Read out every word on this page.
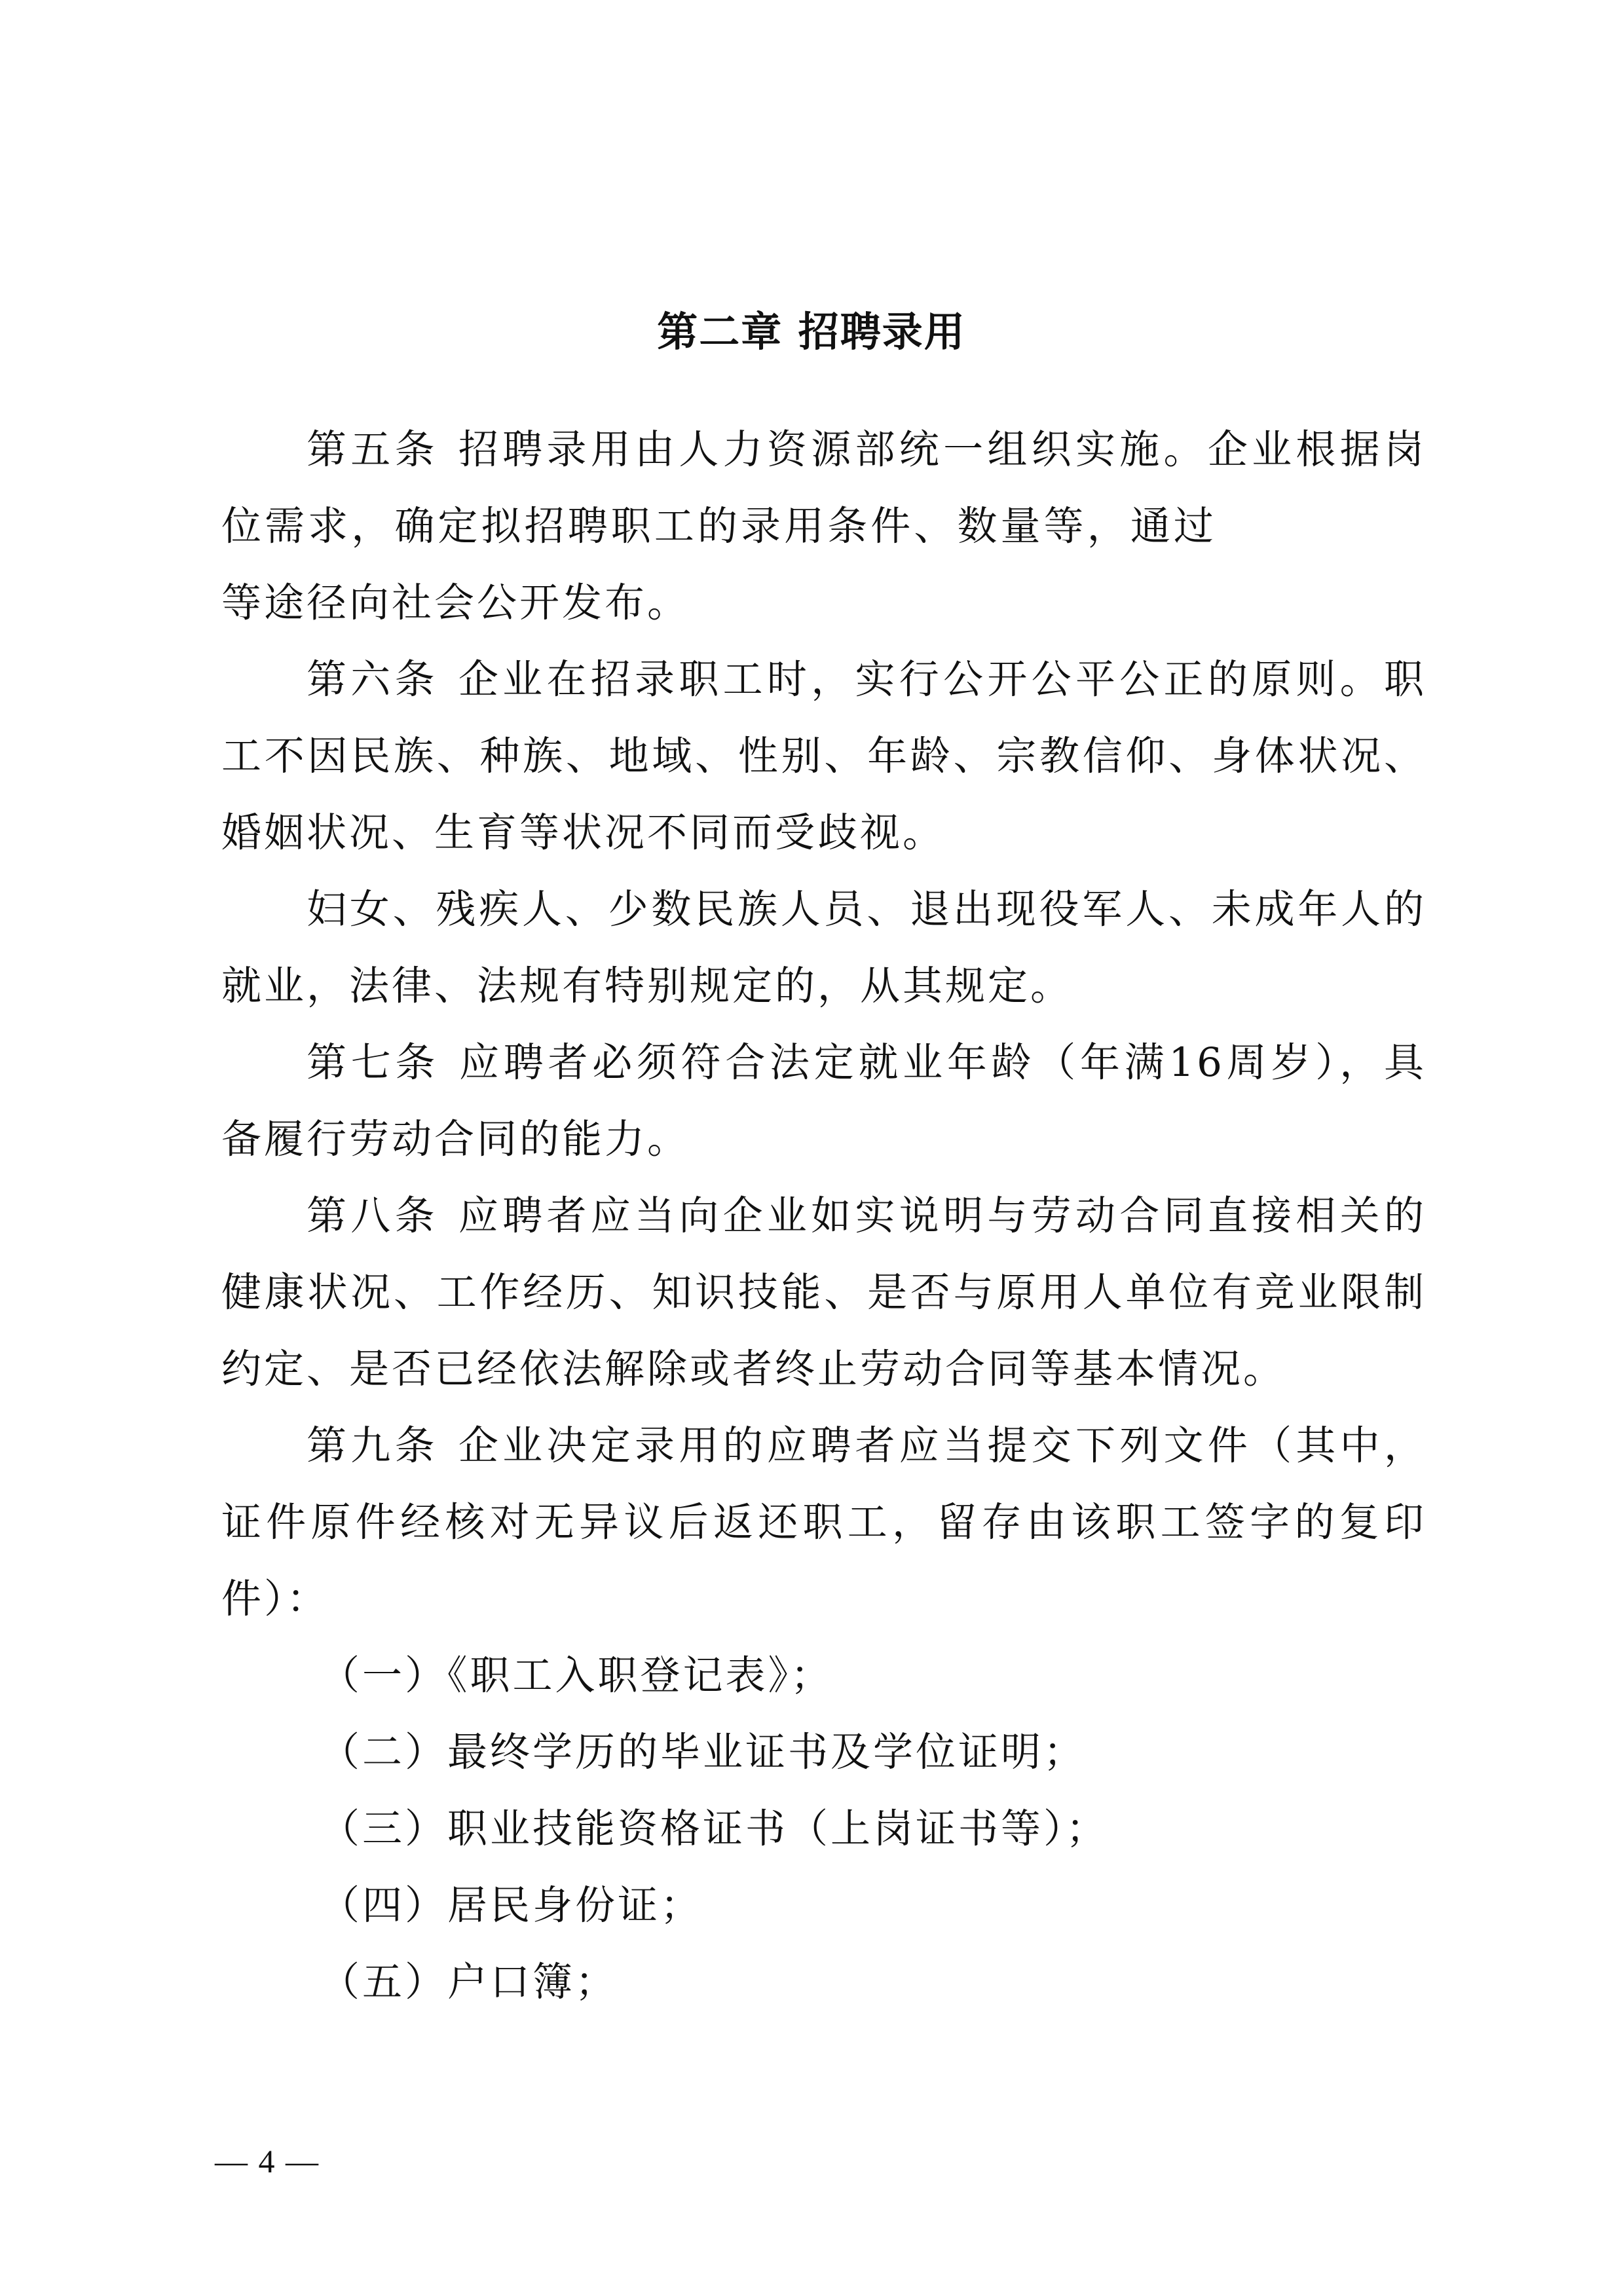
第二章 招聘录用

第五条 招聘录用由人力资源部统一组织实施。企业根据岗位需求，确定拟招聘职工的录用条件、数量等，通过等途径向社会公开发布。

第六条 企业在招录职工时，实行公开公平公正的原则。职工不因民族、种族、地域、性别、年龄、宗教信仰、身体状况、婚姻状况、生育等状况不同而受歧视。

妇女、残疾人、少数民族人员、退出现役军人、未成年人的就业，法律、法规有特别规定的，从其规定。

第七条 应聘者必须符合法定就业年龄（年满16周岁），具备履行劳动合同的能力。

第八条 应聘者应当向企业如实说明与劳动合同直接相关的健康状况、工作经历、知识技能、是否与原用人单位有竞业限制约定、是否已经依法解除或者终止劳动合同等基本情况。

第九条 企业决定录用的应聘者应当提交下列文件（其中，证件原件经核对无异议后返还职工，留存由该职工签字的复印件）：

（一）《职工入职登记表》；

（二）最终学历的毕业证书及学位证明；

（三）职业技能资格证书（上岗证书等）；

（四）居民身份证；

（五）户口簿；

— 4 —
